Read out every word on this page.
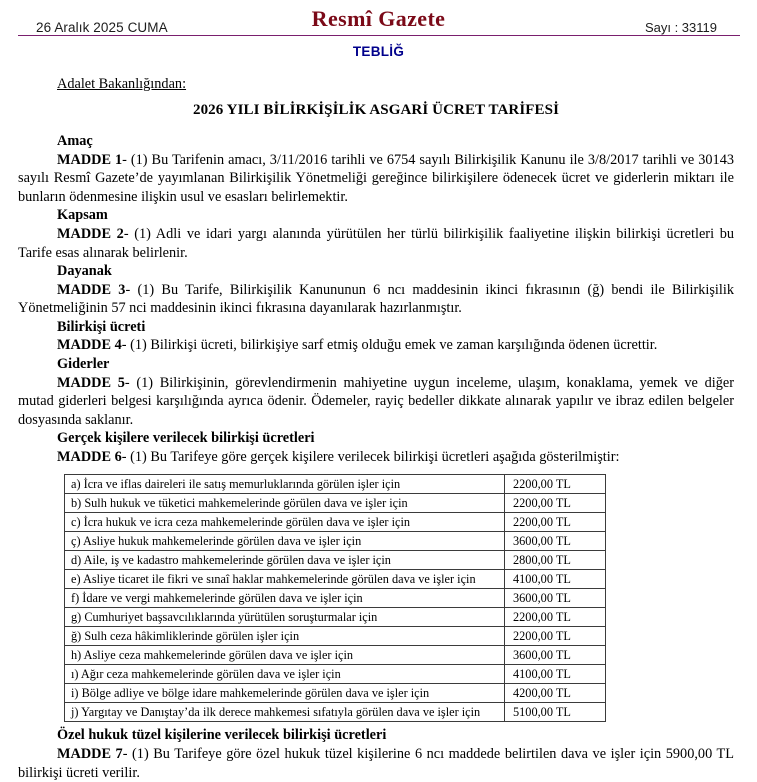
26 Aralık 2025 CUMA	Sayı : 33119
Resmî Gazete
TEBLİĞ
Adalet Bakanlığından:
2026 YILI BİLİRKİŞİLİK ASGARİ ÜCRET TARİFESİ

Amaç

MADDE 1- (1) Bu Tarifenin amacı, 3/11/2016 tarihli ve 6754 sayılı Bilirkişilik Kanunu ile 3/8/2017 tarihli ve 30143 sayılı Resmî Gazete’de yayımlanan Bilirkişilik Yönetmeliği gereğince bilirkişilere ödenecek ücret ve giderlerin miktarı ile bunların ödenmesine ilişkin usul ve esasları belirlemektir.

Kapsam

MADDE 2- (1) Adli ve idari yargı alanında yürütülen her türlü bilirkişilik faaliyetine ilişkin bilirkişi ücretleri bu Tarife esas alınarak belirlenir.

Dayanak

MADDE 3- (1) Bu Tarife, Bilirkişilik Kanununun 6 ncı maddesinin ikinci fıkrasının (ğ) bendi ile Bilirkişilik Yönetmeliğinin 57 nci maddesinin ikinci fıkrasına dayanılarak hazırlanmıştır.

Bilirkişi ücreti

MADDE 4- (1) Bilirkişi ücreti, bilirkişiye sarf etmiş olduğu emek ve zaman karşılığında ödenen ücrettir.

Giderler

MADDE 5- (1) Bilirkişinin, görevlendirmenin mahiyetine uygun inceleme, ulaşım, konaklama, yemek ve diğer mutad giderleri belgesi karşılığında ayrıca ödenir. Ödemeler, rayiç bedeller dikkate alınarak yapılır ve ibraz edilen belgeler dosyasında saklanır.

Gerçek kişilere verilecek bilirkişi ücretleri

MADDE 6- (1) Bu Tarifeye göre gerçek kişilere verilecek bilirkişi ücretleri aşağıda gösterilmiştir:

a) İcra ve iflas daireleri ile satış memurluklarında görülen işler için	2200,00 TL
b) Sulh hukuk ve tüketici mahkemelerinde görülen dava ve işler için	2200,00 TL
c) İcra hukuk ve icra ceza mahkemelerinde görülen dava ve işler için	2200,00 TL
ç) Asliye hukuk mahkemelerinde görülen dava ve işler için	3600,00 TL
d) Aile, iş ve kadastro mahkemelerinde görülen dava ve işler için	2800,00 TL
e) Asliye ticaret ile fikri ve sınaî haklar mahkemelerinde görülen dava ve işler için	4100,00 TL
f) İdare ve vergi mahkemelerinde görülen dava ve işler için	3600,00 TL
g) Cumhuriyet başsavcılıklarında yürütülen soruşturmalar için	2200,00 TL
ğ) Sulh ceza hâkimliklerinde görülen işler için	2200,00 TL
h) Asliye ceza mahkemelerinde görülen dava ve işler için	3600,00 TL
ı) Ağır ceza mahkemelerinde görülen dava ve işler için	4100,00 TL
i) Bölge adliye ve bölge idare mahkemelerinde görülen dava ve işler için	4200,00 TL
j) Yargıtay ve Danıştay’da ilk derece mahkemesi sıfatıyla görülen dava ve işler için	5100,00 TL

Özel hukuk tüzel kişilerine verilecek bilirkişi ücretleri

MADDE 7- (1) Bu Tarifeye göre özel hukuk tüzel kişilerine 6 ncı maddede belirtilen dava ve işler için 5900,00 TL bilirkişi ücreti verilir.
